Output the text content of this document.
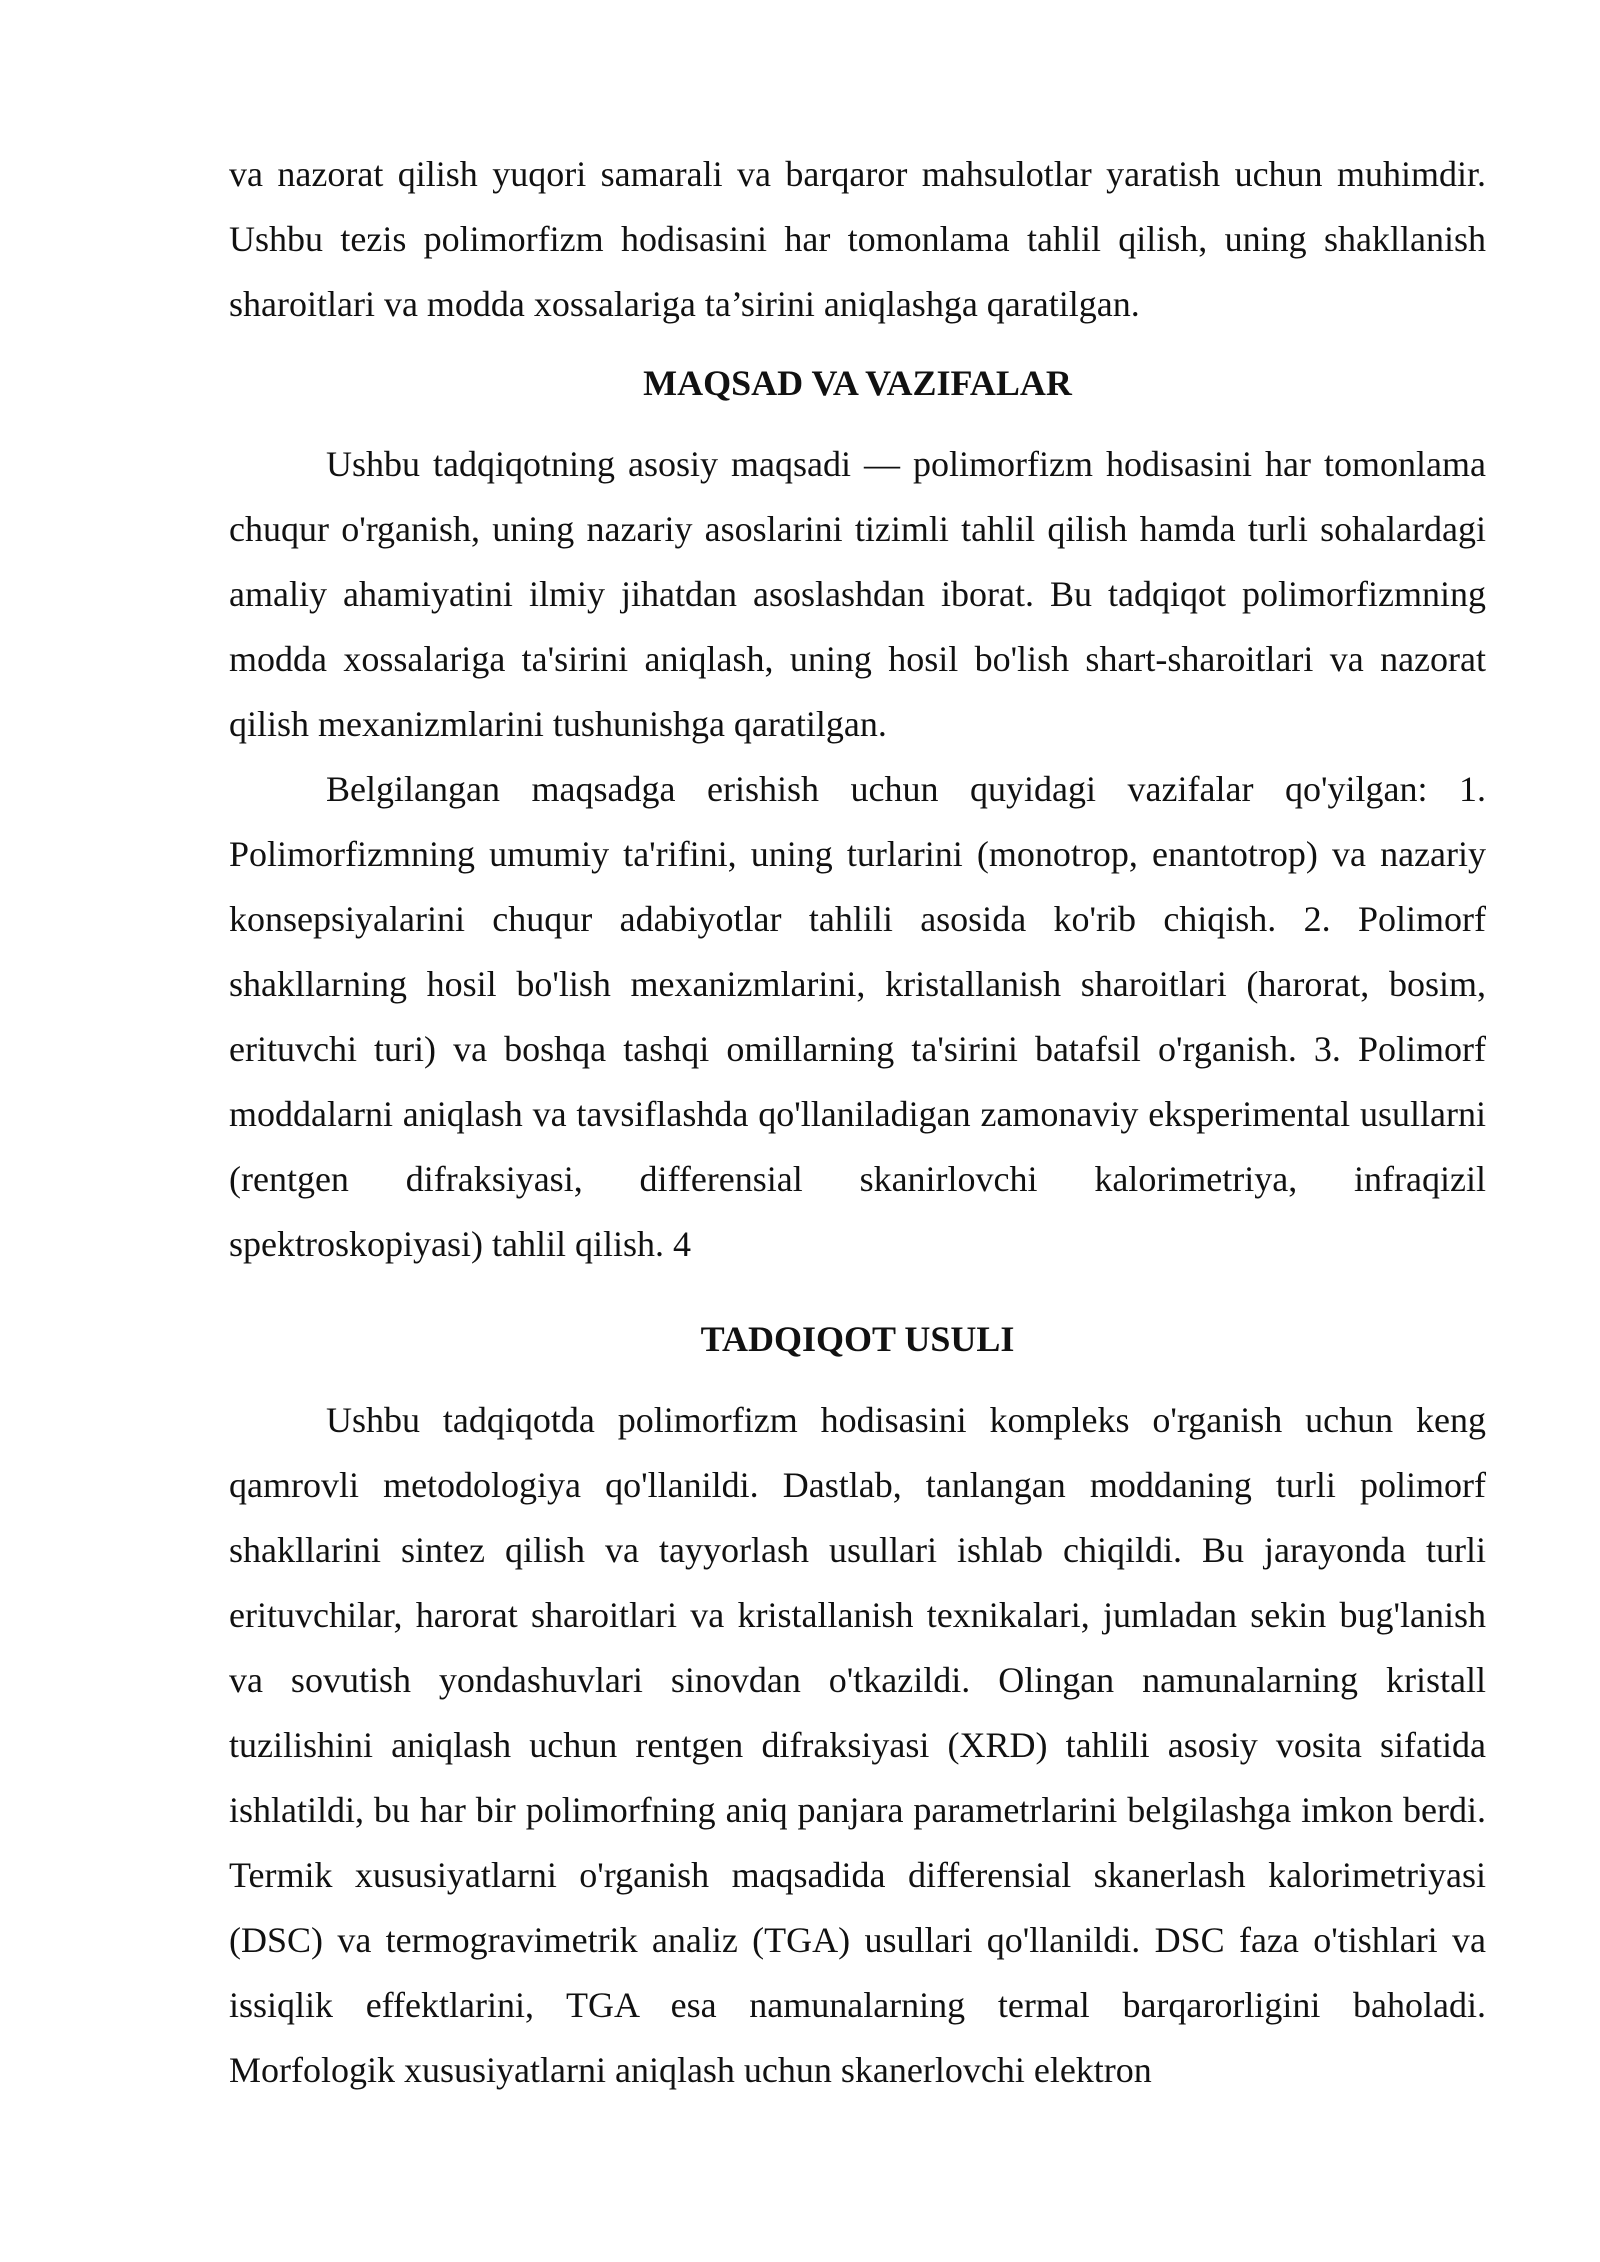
va nazorat qilish yuqori samarali va barqaror mahsulotlar yaratish uchun muhimdir. Ushbu tezis polimorfizm hodisasini har tomonlama tahlil qilish, uning shakllanish sharoitlari va modda xossalariga ta’sirini aniqlashga qaratilgan.

MAQSAD VA VAZIFALAR

Ushbu tadqiqotning asosiy maqsadi — polimorfizm hodisasini har tomonlama chuqur o'rganish, uning nazariy asoslarini tizimli tahlil qilish hamda turli sohalardagi amaliy ahamiyatini ilmiy jihatdan asoslashdan iborat. Bu tadqiqot polimorfizmning modda xossalariga ta'sirini aniqlash, uning hosil bo'lish shart-sharoitlari va nazorat qilish mexanizmlarini tushunishga qaratilgan.

Belgilangan maqsadga erishish uchun quyidagi vazifalar qo'yilgan: 1. Polimorfizmning umumiy ta'rifini, uning turlarini (monotrop, enantotrop) va nazariy konsepsiyalarini chuqur adabiyotlar tahlili asosida ko'rib chiqish. 2. Polimorf shakllarning hosil bo'lish mexanizmlarini, kristallanish sharoitlari (harorat, bosim, erituvchi turi) va boshqa tashqi omillarning ta'sirini batafsil o'rganish. 3. Polimorf moddalarni aniqlash va tavsiflashda qo'llaniladigan zamonaviy eksperimental usullarni (rentgen difraksiyasi, differensial skanirlovchi kalorimetriya, infraqizil spektroskopiyasi) tahlil qilish. 4

TADQIQOT USULI

Ushbu tadqiqotda polimorfizm hodisasini kompleks o'rganish uchun keng qamrovli metodologiya qo'llanildi. Dastlab, tanlangan moddaning turli polimorf shakllarini sintez qilish va tayyorlash usullari ishlab chiqildi. Bu jarayonda turli erituvchilar, harorat sharoitlari va kristallanish texnikalari, jumladan sekin bug'lanish va sovutish yondashuvlari sinovdan o'tkazildi. Olingan namunalarning kristall tuzilishini aniqlash uchun rentgen difraksiyasi (XRD) tahlili asosiy vosita sifatida ishlatildi, bu har bir polimorfning aniq panjara parametrlarini belgilashga imkon berdi. Termik xususiyatlarni o'rganish maqsadida differensial skanerlash kalorimetriyasi (DSC) va termogravimetrik analiz (TGA) usullari qo'llanildi. DSC faza o'tishlari va issiqlik effektlarini, TGA esa namunalarning termal barqarorligini baholadi. Morfologik xususiyatlarni aniqlash uchun skanerlovchi elektron
